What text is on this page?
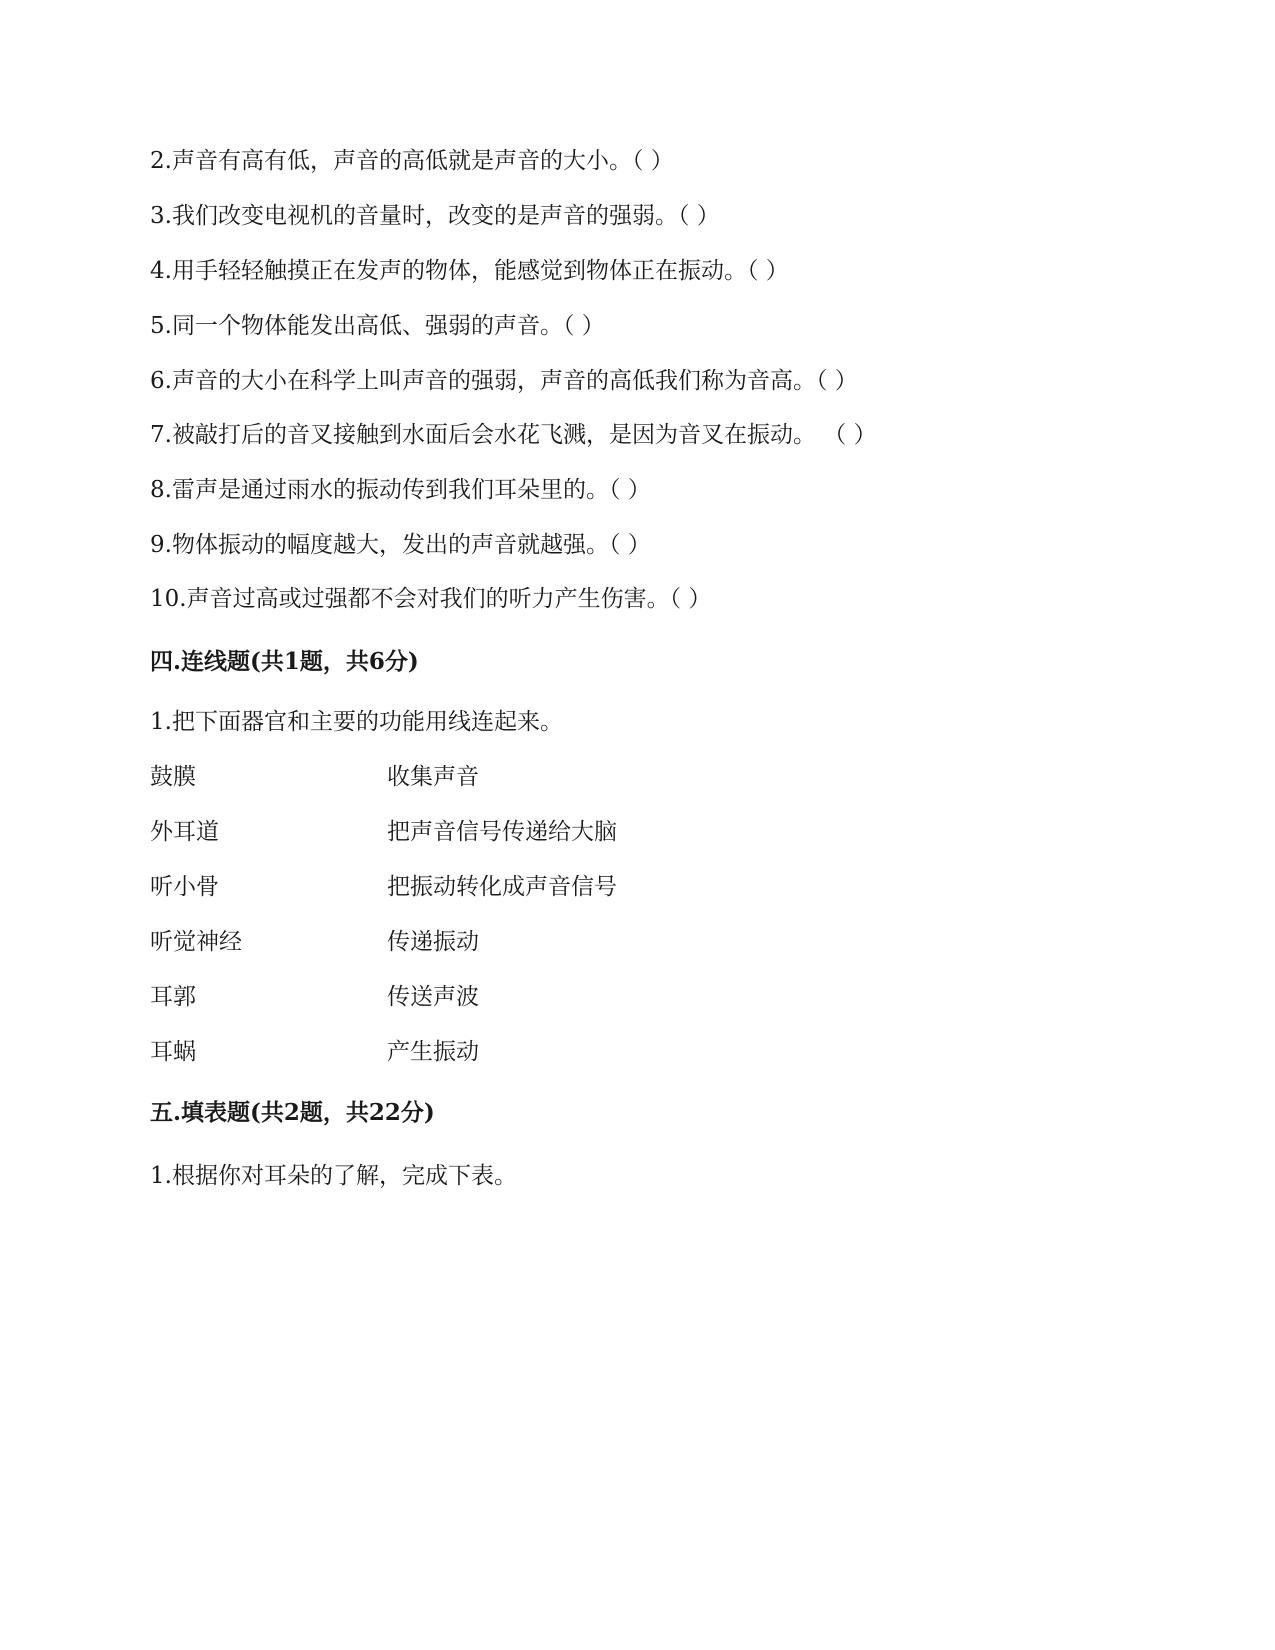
2.声音有高有低，声音的高低就是声音的大小。（ ）
3.我们改变电视机的音量时，改变的是声音的强弱。（ ）
4.用手轻轻触摸正在发声的物体，能感觉到物体正在振动。（ ）
5.同一个物体能发出高低、强弱的声音。（ ）
6.声音的大小在科学上叫声音的强弱，声音的高低我们称为音高。（ ）
7.被敲打后的音叉接触到水面后会水花飞溅，是因为音叉在振动。 （ ）
8.雷声是通过雨水的振动传到我们耳朵里的。（ ）
9.物体振动的幅度越大，发出的声音就越强。（ ）
10.声音过高或过强都不会对我们的听力产生伤害。（ ）
四.连线题(共1题，共6分)
1.把下面器官和主要的功能用线连起来。
鼓膜	收集声音
外耳道	把声音信号传递给大脑
听小骨	把振动转化成声音信号
听觉神经	传递振动
耳郭	传送声波
耳蜗	产生振动
五.填表题(共2题，共22分)
1.根据你对耳朵的了解，完成下表。
